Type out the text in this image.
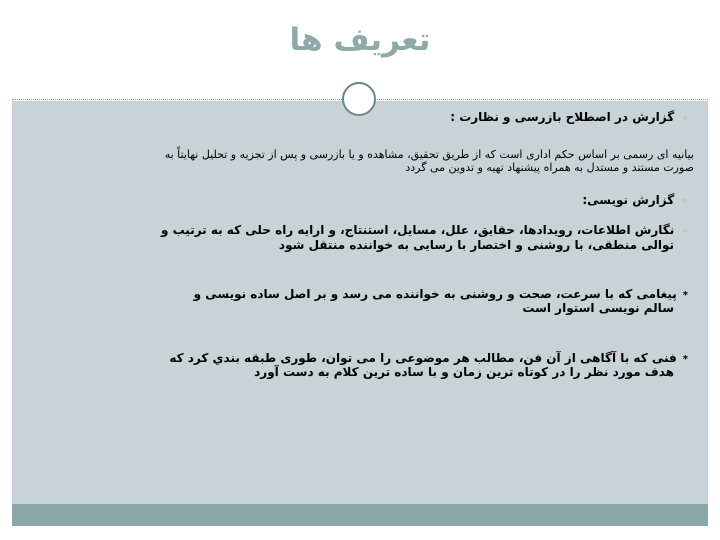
تعریف ها
◦گزارش در اصطلاح بازرسی و نظارت :
بیانیه ای رسمی بر اساس حکم اداری است که از طریق تحقیق، مشاهده و یا بازرسی و پس از تجزیه و تحلیل نهایتاً به
صورت مستند و مستدل به همراه پیشنهاد تهیه و تدوین می گردد
◦گزارش نویسی:
◦نگارش اطلاعات، رویدادها، حقایق، علل، مسایل، استنتاج، و ارایه راه حلی که به ترتیب و
توالی منطقی، با روشنی و اختصار با رسایی به خواننده منتقل شود
*پیغامی که با سرعت، صحت و روشنی به خواننده می رسد و بر اصل ساده نویسی و
سالم نویسی استوار است
*فنی که با آگاهی از آن فن، مطالب هر موضوعی را می توان، طوری طبقه بندي کرد که
هدف مورد نظر را در کوتاه ترین زمان و با ساده ترین کلام به دست آورد
